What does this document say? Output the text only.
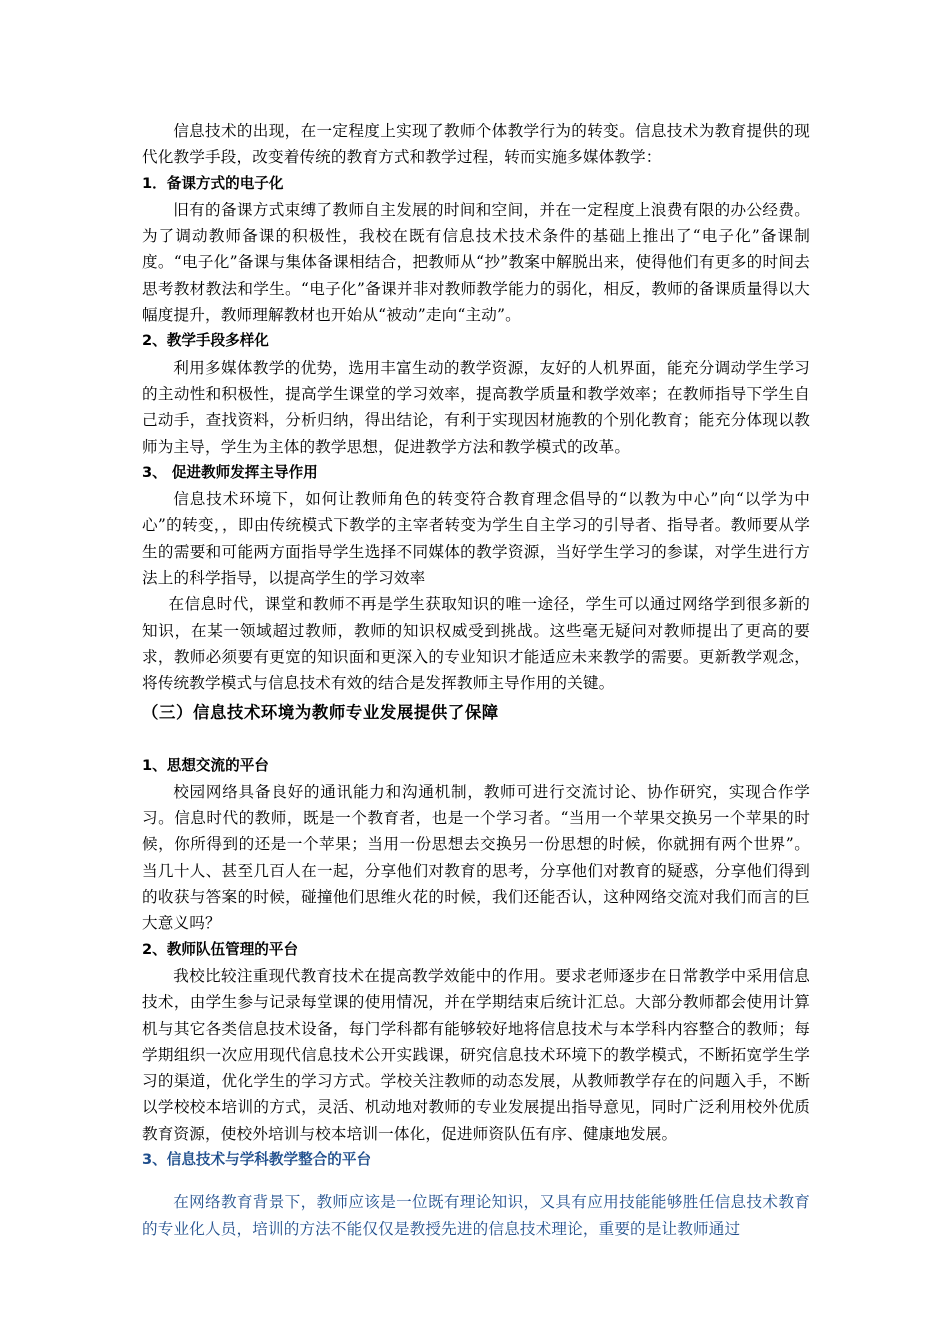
信息技术的出现，在一定程度上实现了教师个体教学行为的转变。信息技术为教育提供的现代化教学手段，改变着传统的教育方式和教学过程，转而实施多媒体教学：

1．备课方式的电子化

旧有的备课方式束缚了教师自主发展的时间和空间，并在一定程度上浪费有限的办公经费。为了调动教师备课的积极性，我校在既有信息技术技术条件的基础上推出了“电子化”备课制度。“电子化”备课与集体备课相结合，把教师从“抄”教案中解脱出来，使得他们有更多的时间去思考教材教法和学生。“电子化”备课并非对教师教学能力的弱化，相反，教师的备课质量得以大幅度提升，教师理解教材也开始从“被动”走向“主动”。

2、教学手段多样化

利用多媒体教学的优势，选用丰富生动的教学资源，友好的人机界面，能充分调动学生学习的主动性和积极性，提高学生课堂的学习效率，提高教学质量和教学效率；在教师指导下学生自己动手，查找资料，分析归纳，得出结论，有利于实现因材施教的个别化教育；能充分体现以教师为主导，学生为主体的教学思想，促进教学方法和教学模式的改革。

3、 促进教师发挥主导作用

信息技术环境下，如何让教师角色的转变符合教育理念倡导的“以教为中心”向“以学为中心”的转变，，即由传统模式下教学的主宰者转变为学生自主学习的引导者、指导者。教师要从学生的需要和可能两方面指导学生选择不同媒体的教学资源，当好学生学习的参谋，对学生进行方法上的科学指导，以提高学生的学习效率

在信息时代，课堂和教师不再是学生获取知识的唯一途径，学生可以通过网络学到很多新的知识，在某一领域超过教师，教师的知识权威受到挑战。这些毫无疑问对教师提出了更高的要求，教师必须要有更宽的知识面和更深入的专业知识才能适应未来教学的需要。更新教学观念，将传统教学模式与信息技术有效的结合是发挥教师主导作用的关键。

（三）信息技术环境为教师专业发展提供了保障

1、思想交流的平台

校园网络具备良好的通讯能力和沟通机制，教师可进行交流讨论、协作研究，实现合作学习。信息时代的教师，既是一个教育者，也是一个学习者。“当用一个苹果交换另一个苹果的时候，你所得到的还是一个苹果；当用一份思想去交换另一份思想的时候，你就拥有两个世界”。当几十人、甚至几百人在一起，分享他们对教育的思考，分享他们对教育的疑惑，分享他们得到的收获与答案的时候，碰撞他们思维火花的时候，我们还能否认，这种网络交流对我们而言的巨大意义吗？

2、教师队伍管理的平台

我校比较注重现代教育技术在提高教学效能中的作用。要求老师逐步在日常教学中采用信息技术，由学生参与记录每堂课的使用情况，并在学期结束后统计汇总。大部分教师都会使用计算机与其它各类信息技术设备，每门学科都有能够较好地将信息技术与本学科内容整合的教师；每学期组织一次应用现代信息技术公开实践课，研究信息技术环境下的教学模式，不断拓宽学生学习的渠道，优化学生的学习方式。学校关注教师的动态发展，从教师教学存在的问题入手，不断以学校校本培训的方式，灵活、机动地对教师的专业发展提出指导意见，同时广泛利用校外优质教育资源，使校外培训与校本培训一体化，促进师资队伍有序、健康地发展。

3、信息技术与学科教学整合的平台

在网络教育背景下，教师应该是一位既有理论知识，又具有应用技能能够胜任信息技术教育的专业化人员，培训的方法不能仅仅是教授先进的信息技术理论，重要的是让教师通过
